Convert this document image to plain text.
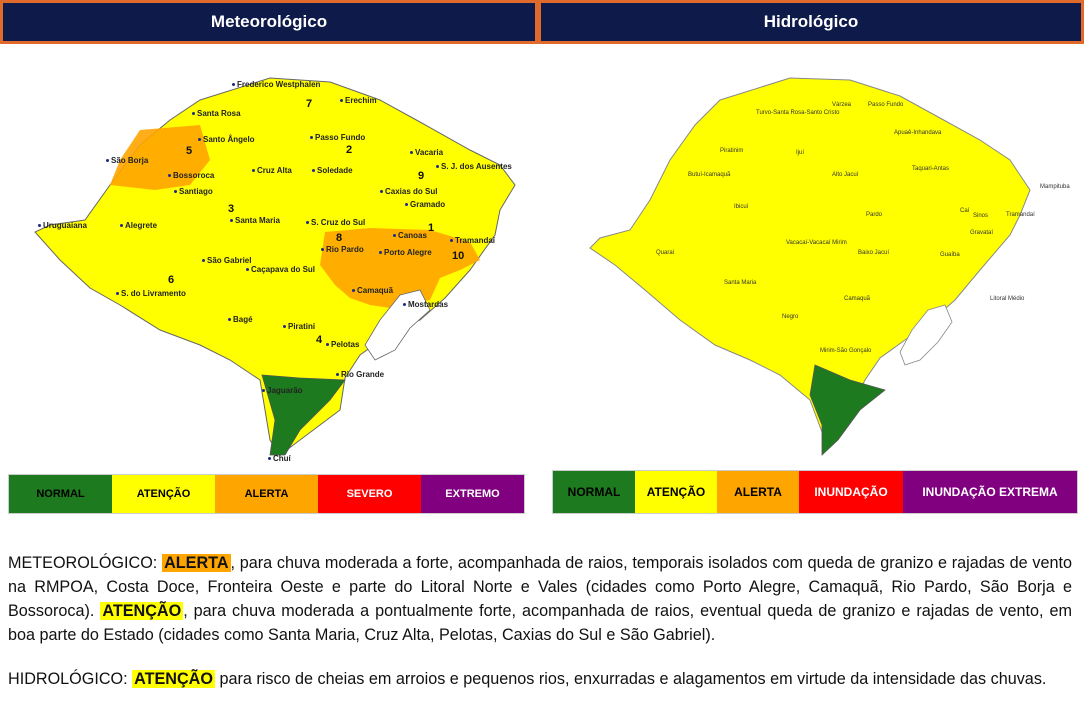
Meteorológico	Hidrológico
Frederico Westphalen
Erechim
Santa Rosa
Santo Ângelo	Passo Fundo
São Borja
Vacaria
Cruz Alta	Soledade
Bossoroca
S. J. dos Ausentes
Santiago	Caxias do Sul
Gramado
Uruguaiana	Alegrete
Santa Maria	S. Cruz do Sul
Canoas
Tramandaí
Rio Pardo	Porto Alegre
São Gabriel
Caçapava do Sul
S. do Livramento	Camaquã
Mostardas
Bagé
Piratini
Pelotas
Rio Grande
Jaguarão
Chuí
7
5	2
9
3
8
1
10
6
4
Várzea	Passo Fundo
Turvo-Santa Rosa-Santo Cristo
Apuaê-Inhandava
Piratinim	Ijuí
Butuí-Icamaquã	Alto Jacuí
Taquari-Antas
Mampituba
Ibicuí
Caí
Pardo	Sinos	Tramandaí
Gravataí
Quaraí
Vacacaí-Vacacaí Mirim
Baixo Jacuí	Guaíba
Santa Maria
Litoral Médio
Camaquã
Negro
Mirim-São Gonçalo
NORMAL	ATENÇÃO	ALERTA	SEVERO	EXTREMO	NORMAL	ATENÇÃO	ALERTA	INUNDAÇÃO	INUNDAÇÃO EXTREMA
METEOROLÓGICO: ALERTA , para chuva moderada a forte, acompanhada de raios, temporais isolados com queda de granizo e rajadas de vento na RMPOA, Costa Doce, Fronteira Oeste e parte do Litoral Norte e Vales (cidades como Porto Alegre, Camaquã, Rio Pardo, São Borja e Bossoroca). ATENÇÃO , para chuva moderada a pontualmente forte, acompanhada de raios, eventual queda de granizo e rajadas de vento, em boa parte do Estado (cidades como Santa Maria, Cruz Alta, Pelotas, Caxias do Sul e São Gabriel).
HIDROLÓGICO: ATENÇÃO para risco de cheias em arroios e pequenos rios, enxurradas e alagamentos em virtude da intensidade das chuvas.
